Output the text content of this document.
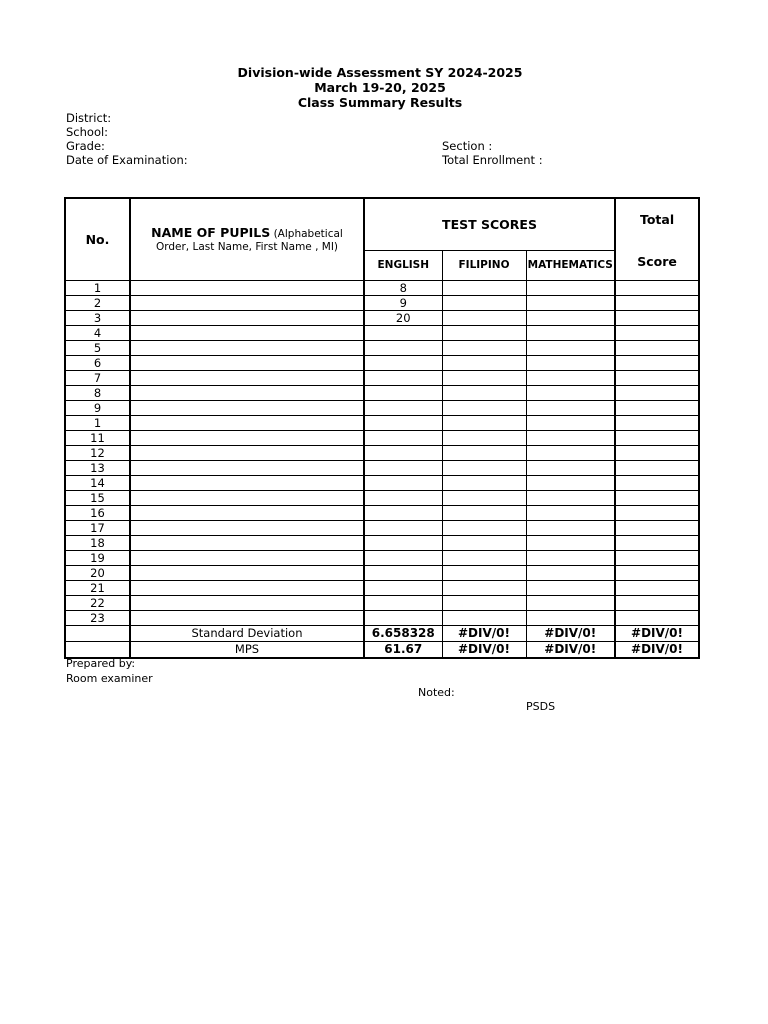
Division-wide Assessment SY 2024-2025
March 19-20, 2025
Class Summary Results
District:
School:
Grade:
Date of Examination:
Section :
Total Enrollment :
No.	NAME OF PUPILS (Alphabetical Order, Last Name, First Name , MI)	TEST SCORES			Total
		ENGLISH	FILIPINO	MATHEMATICS	Score
1		8			
2		9			
3		20			
4					
5					
6					
7					
8					
9					
1					
11					
12					
13					
14					
15					
16					
17					
18					
19					
20					
21					
22					
23					
	Standard Deviation	6.658328	#DIV/0!	#DIV/0!	#DIV/0!
	MPS	61.67	#DIV/0!	#DIV/0!	#DIV/0!
Prepared by:
Room examiner
Noted:
PSDS
